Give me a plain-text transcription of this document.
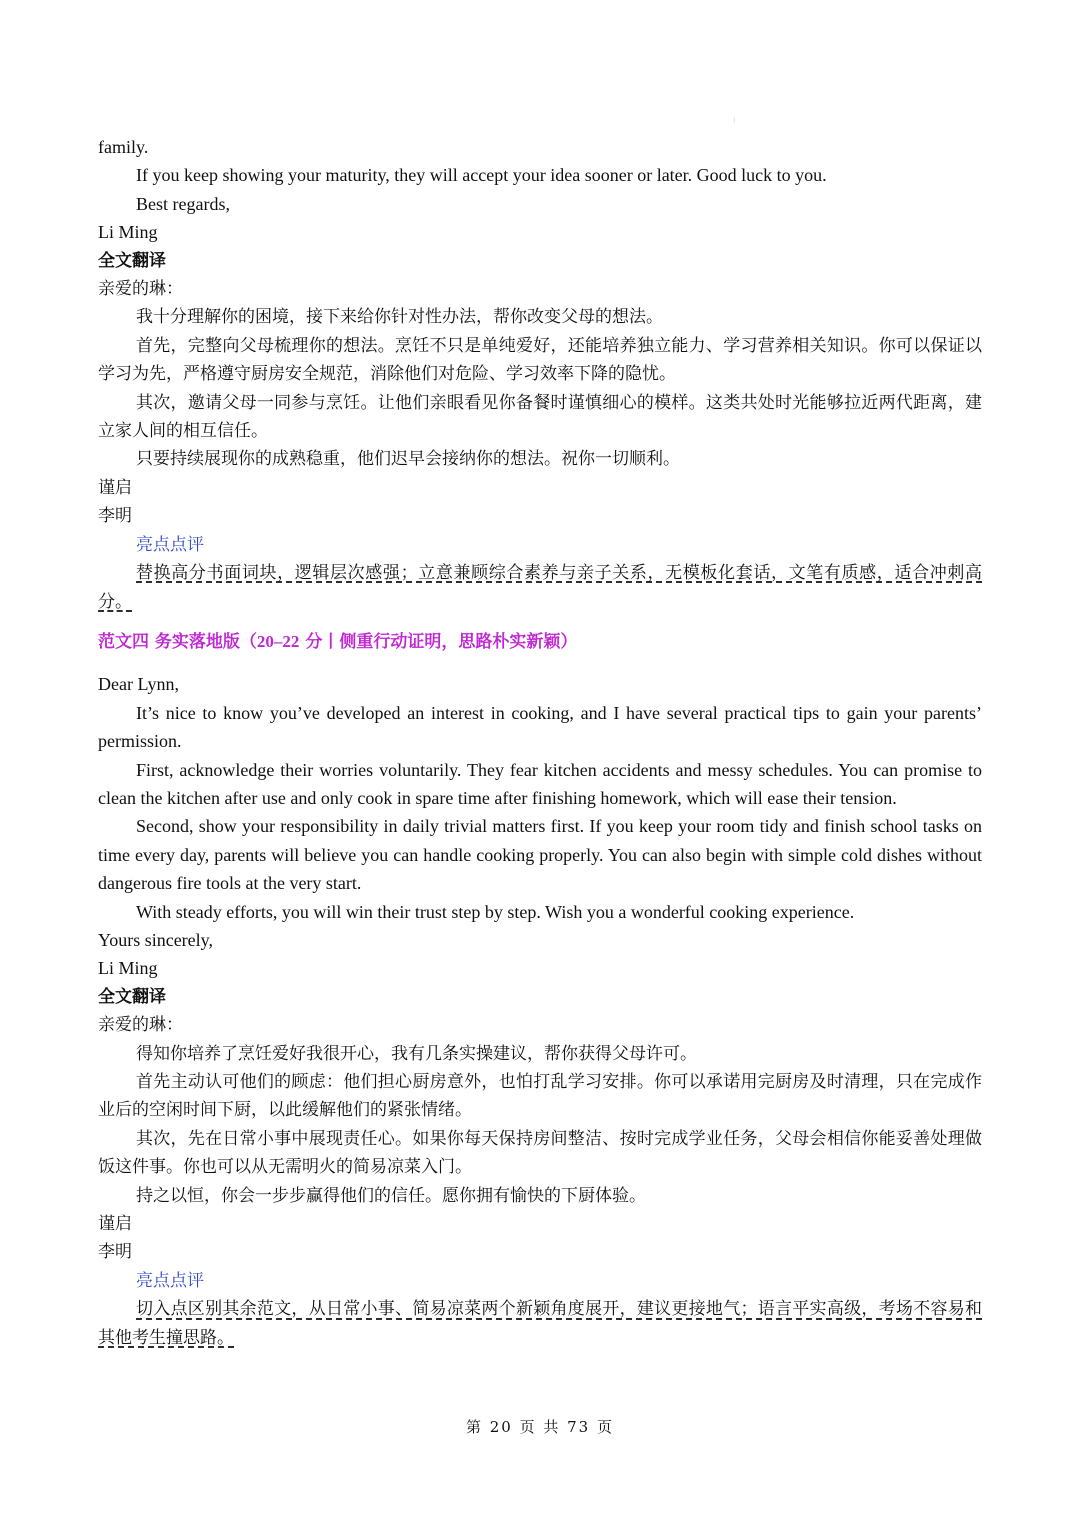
⁝

family.

If you keep showing your maturity, they will accept your idea sooner or later. Good luck to you.

Best regards,

Li Ming

全文翻译

亲爱的琳：

我十分理解你的困境，接下来给你针对性办法，帮你改变父母的想法。

首先，完整向父母梳理你的想法。烹饪不只是单纯爱好，还能培养独立能力、学习营养相关知识。你可以保证以学习为先，严格遵守厨房安全规范，消除他们对危险、学习效率下降的隐忧。

其次，邀请父母一同参与烹饪。让他们亲眼看见你备餐时谨慎细心的模样。这类共处时光能够拉近两代距离，建立家人间的相互信任。

只要持续展现你的成熟稳重，他们迟早会接纳你的想法。祝你一切顺利。

谨启

李明

亮点点评

替换高分书面词块，逻辑层次感强；立意兼顾综合素养与亲子关系，无模板化套话，文笔有质感，适合冲刺高分。

范文四 务实落地版（20–22 分丨侧重行动证明，思路朴实新颖）

Dear Lynn,

It’s nice to know you’ve developed an interest in cooking, and I have several practical tips to gain your parents’ permission.

First, acknowledge their worries voluntarily. They fear kitchen accidents and messy schedules. You can promise to clean the kitchen after use and only cook in spare time after finishing homework, which will ease their tension.

Second, show your responsibility in daily trivial matters first. If you keep your room tidy and finish school tasks on time every day, parents will believe you can handle cooking properly. You can also begin with simple cold dishes without dangerous fire tools at the very start.

With steady efforts, you will win their trust step by step. Wish you a wonderful cooking experience.

Yours sincerely,

Li Ming

全文翻译

亲爱的琳：

得知你培养了烹饪爱好我很开心，我有几条实操建议，帮你获得父母许可。

首先主动认可他们的顾虑：他们担心厨房意外，也怕打乱学习安排。你可以承诺用完厨房及时清理，只在完成作业后的空闲时间下厨，以此缓解他们的紧张情绪。

其次，先在日常小事中展现责任心。如果你每天保持房间整洁、按时完成学业任务，父母会相信你能妥善处理做饭这件事。你也可以从无需明火的简易凉菜入门。

持之以恒，你会一步步赢得他们的信任。愿你拥有愉快的下厨体验。

谨启

李明

亮点点评

切入点区别其余范文，从日常小事、简易凉菜两个新颖角度展开，建议更接地气；语言平实高级，考场不容易和其他考生撞思路。

第 20 页 共 73 页
